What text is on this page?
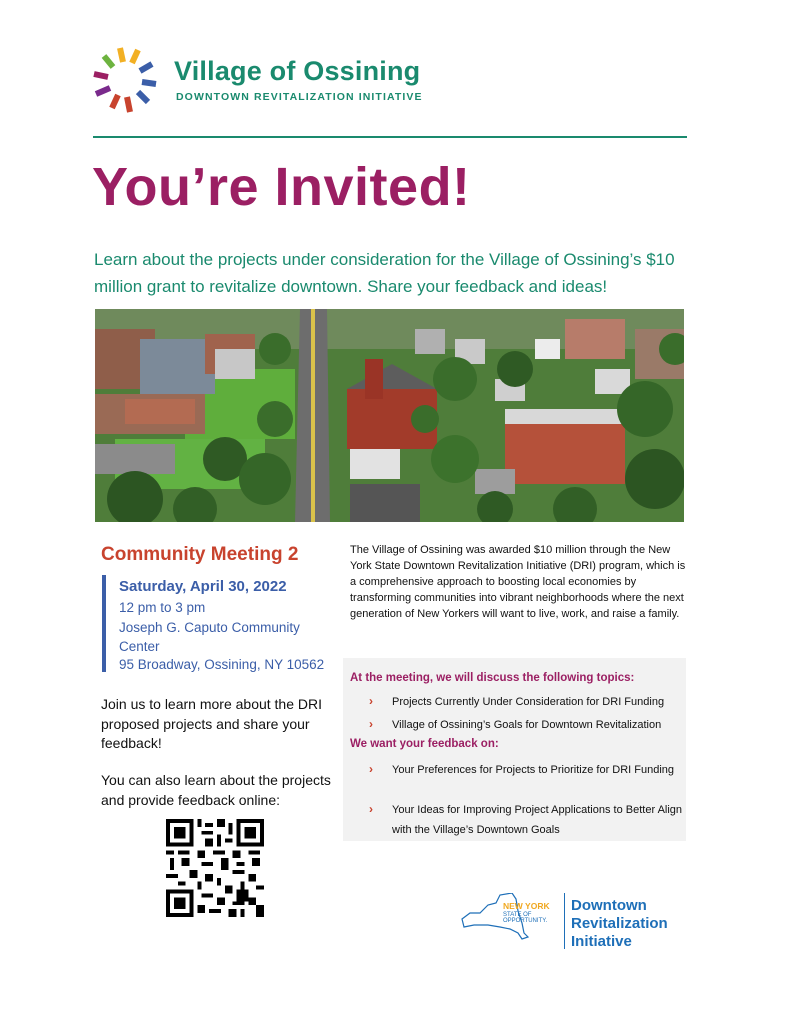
Village of Ossining
DOWNTOWN REVITALIZATION INITIATIVE
You’re Invited!
Learn about the projects under consideration for the Village of Ossining’s $10 million grant to revitalize downtown. Share your feedback and ideas!
Community Meeting 2
Saturday, April 30, 2022
12 pm to 3 pm
Joseph G. Caputo Community
Center
95 Broadway, Ossining, NY 10562
Join us to learn more about the DRI proposed projects and share your feedback!
You can also learn about the projects and provide feedback online:
The Village of Ossining was awarded $10 million through the New York State Downtown Revitalization Initiative (DRI) program, which is a comprehensive approach to boosting local economies by transforming communities into vibrant neighborhoods where the next generation of New Yorkers will want to live, work, and raise a family.
At the meeting, we will discuss the following topics:
› Projects Currently Under Consideration for DRI Funding
› Village of Ossining’s Goals for Downtown Revitalization
We want your feedback on:
› Your Preferences for Projects to Prioritize for DRI Funding
› Your Ideas for Improving Project Applications to Better Align with the Village’s Downtown Goals
NEW YORK
STATE OF
OPPORTUNITY.
Downtown
Revitalization
Initiative
